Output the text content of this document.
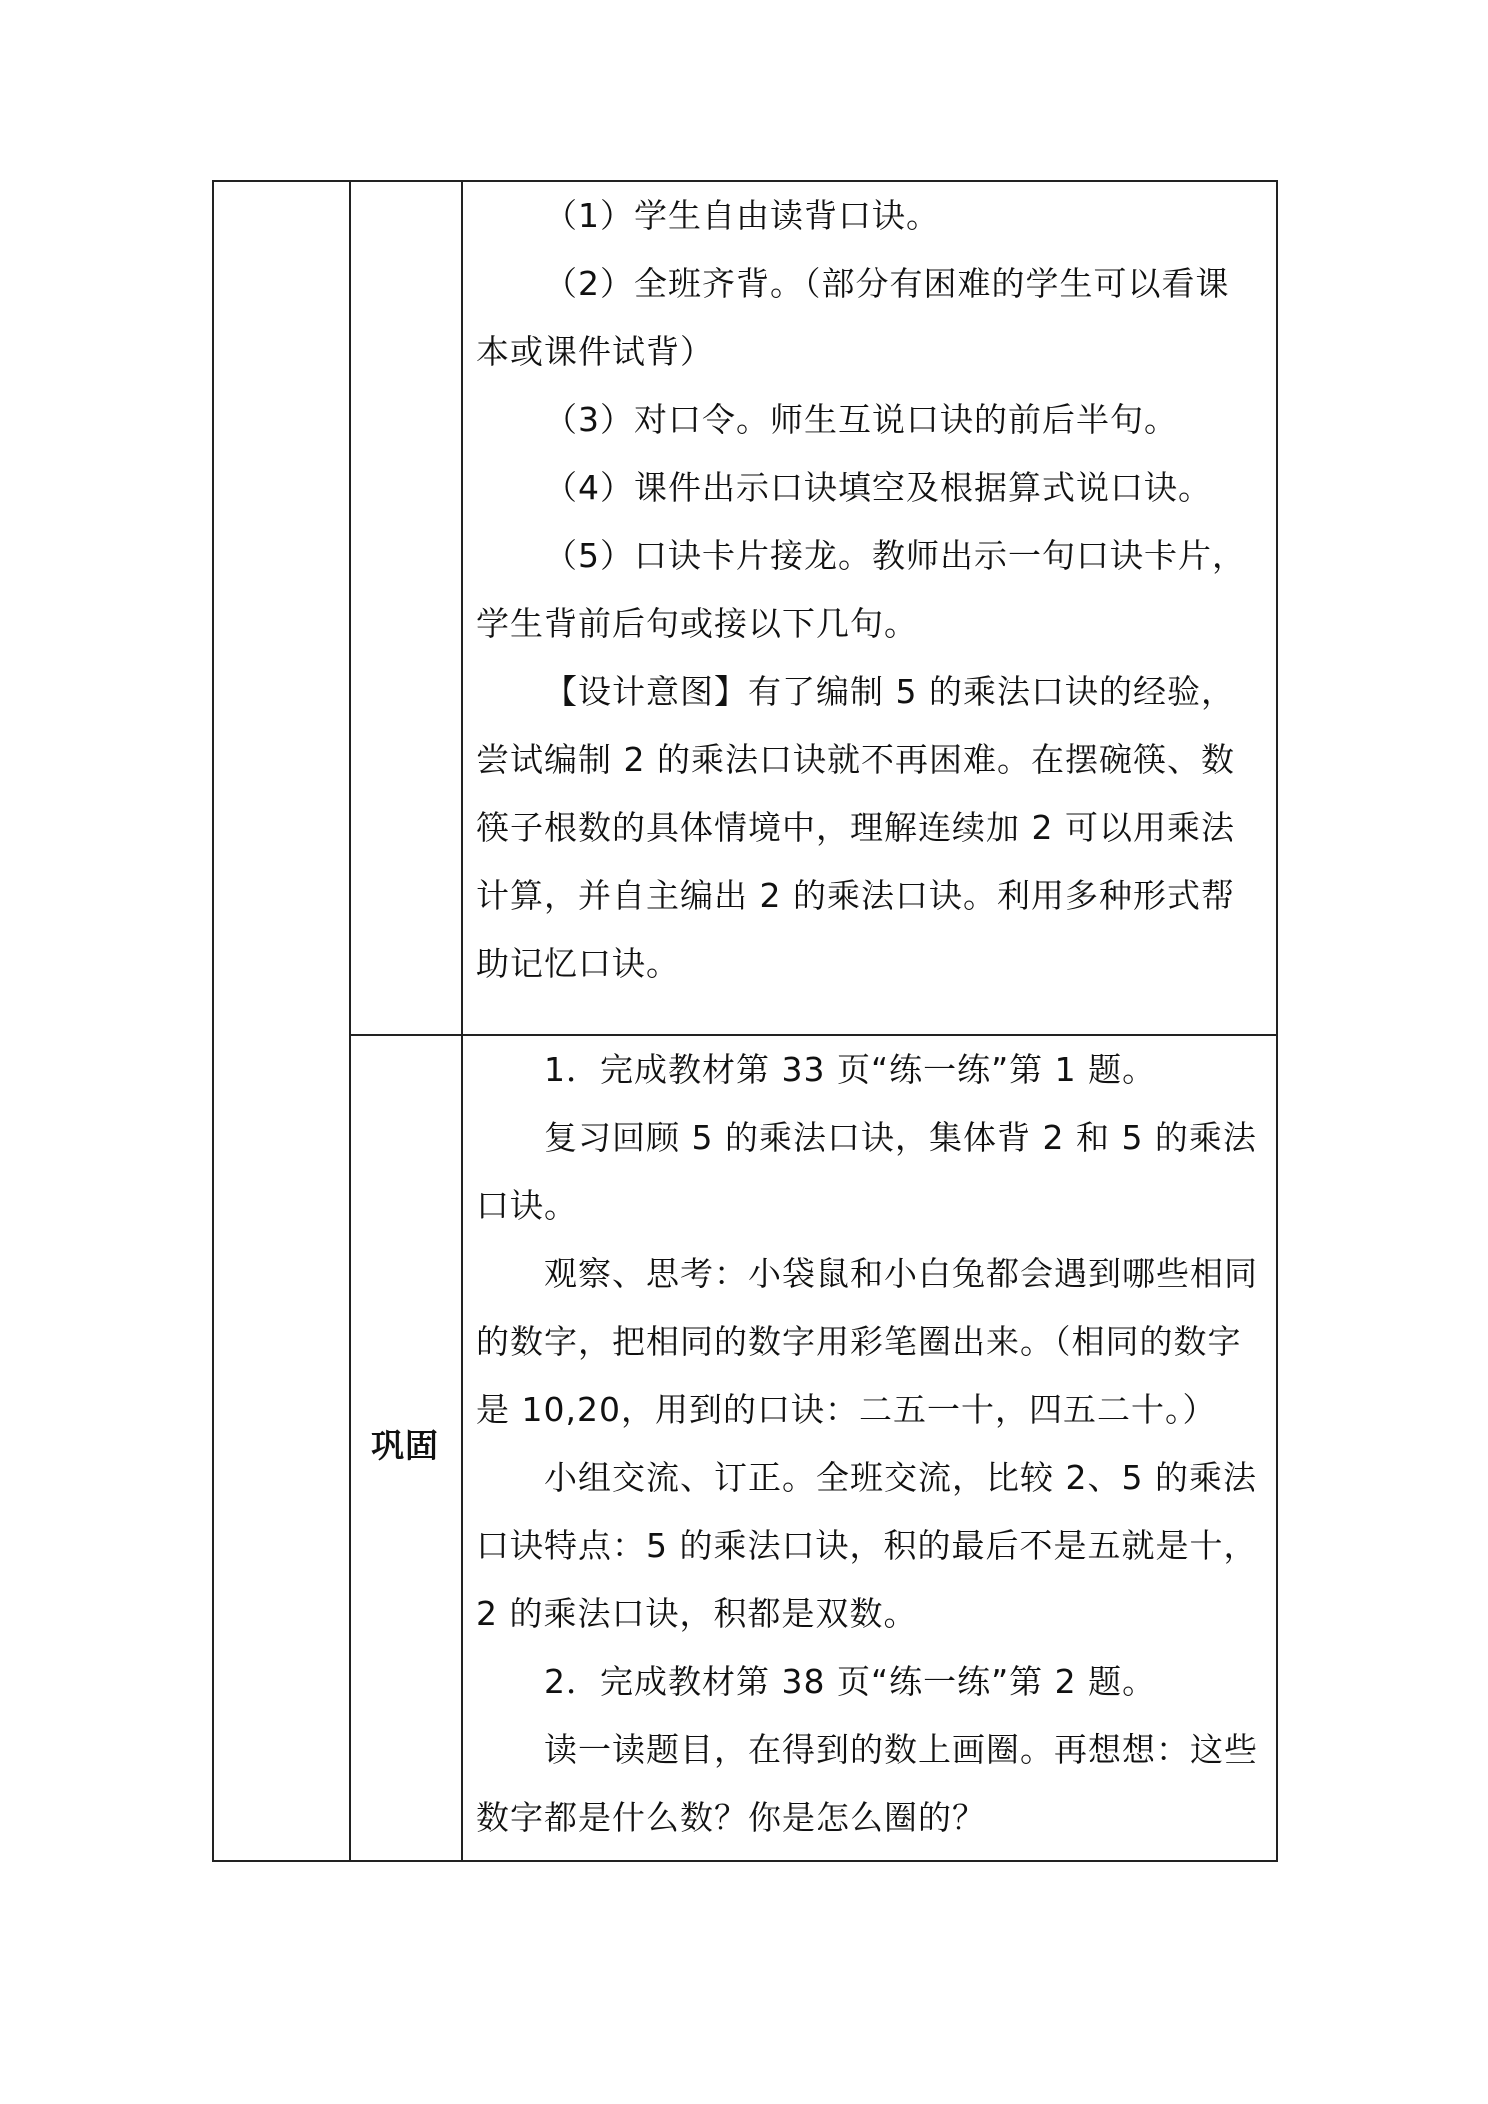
（1）学生自由读背口诀。

（2）全班齐背。（部分有困难的学生可以看课本或课件试背）

（3）对口令。师生互说口诀的前后半句。

（4）课件出示口诀填空及根据算式说口诀。

（5）口诀卡片接龙。教师出示一句口诀卡片，学生背前后句或接以下几句。

【设计意图】有了编制 5 的乘法口诀的经验，尝试编制 2 的乘法口诀就不再困难。在摆碗筷、数筷子根数的具体情境中，理解连续加 2 可以用乘法计算，并自主编出 2 的乘法口诀。利用多种形式帮助记忆口诀。

巩固

1．完成教材第 33 页“练一练”第 1 题。

复习回顾 5 的乘法口诀，集体背 2 和 5 的乘法口诀。

观察、思考：小袋鼠和小白兔都会遇到哪些相同的数字，把相同的数字用彩笔圈出来。（相同的数字是 10,20，用到的口诀：二五一十，四五二十。）

小组交流、订正。全班交流，比较 2、5 的乘法口诀特点：5 的乘法口诀，积的最后不是五就是十，2 的乘法口诀，积都是双数。

2．完成教材第 38 页“练一练”第 2 题。

读一读题目，在得到的数上画圈。再想想：这些数字都是什么数？你是怎么圈的？
